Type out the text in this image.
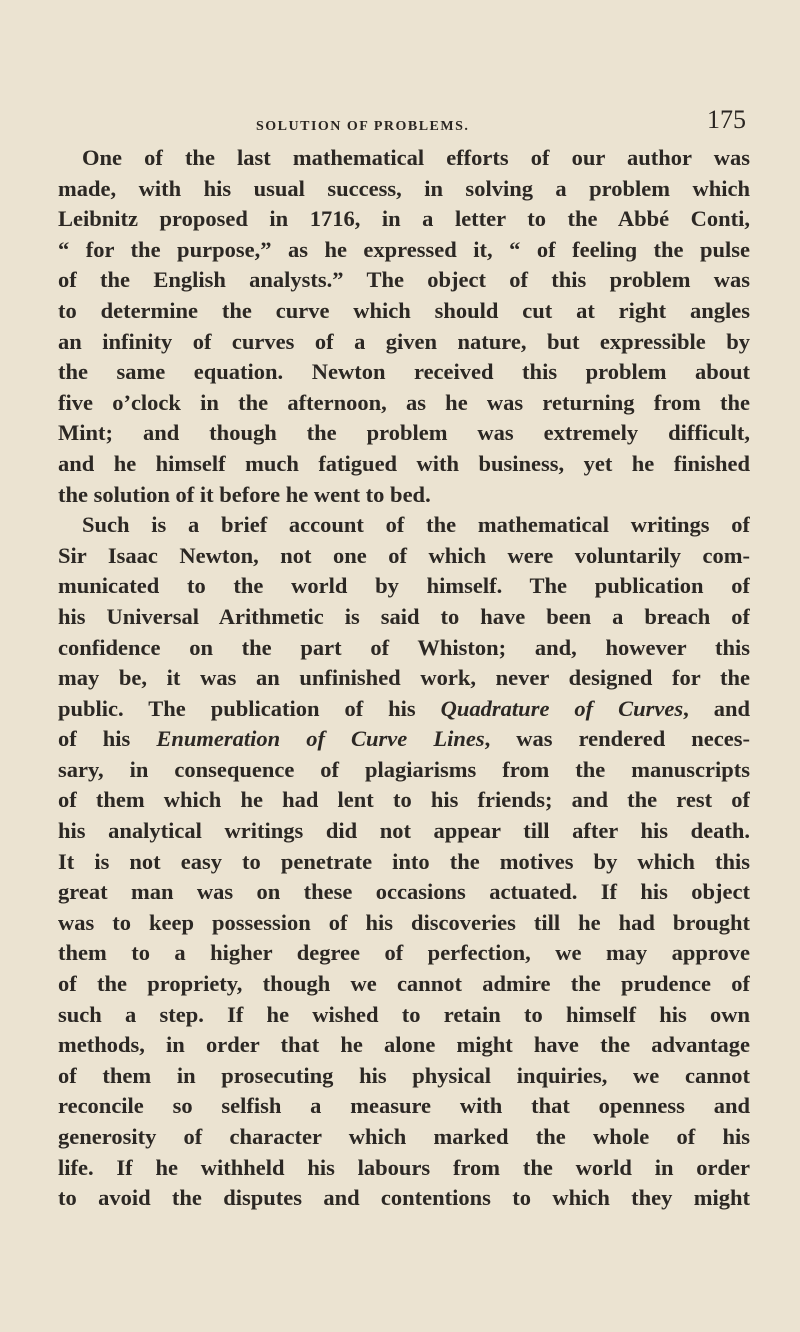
SOLUTION OF PROBLEMS.	175
One of the last mathematical efforts of our author was
made, with his usual success, in solving a problem which
Leibnitz proposed in 1716, in a letter to the Abbé Conti,
“ for the purpose,” as he expressed it, “ of feelinɡ the pulse
of the English analysts.” The object of this problem was
to determine the curve which should cut at right angles
an infinity of curves of a given nature, but expressible by
the same equation. Newton received this problem about
five o’clock in the afternoon, as he was returning from the
Mint; and though the problem was extremely difficult,
and he himself much fatigued with business, yet he finished
the solution of it before he went to bed.
Such is a brief account of the mathematical writings of
Sir Isaac Newton, not one of which were voluntarily com-
municated to the world by himself. The publication of
his Universal Arithmetic is said to have been a breach of
confidence on the part of Whiston; and, however this
may be, it was an unfinished work, never designed for the
public. The publication of his Quadrature of Curves, and
of his Enumeration of Curve Lines, was rendered neces-
sary, in consequence of plagiarisms from the manuscripts
of them which he had lent to his friends; and the rest of
his analytical writings did not appear till after his death.
It is not easy to penetrate into the motives by which this
great man was on these occasions actuated. If his object
was to keep possession of his discoveries till he had brought
them to a higher degree of perfection, we may approve
of the propriety, though we cannot admire the prudence of
such a step. If he wished to retain to himself his own
methods, in order that he alone might have the advantage
of them in prosecuting his physical inquiries, we cannot
reconcile so selfish a measure with that openness and
generosity of character which marked the whole of his
life. If he withheld his labours from the world in order
to avoid the disputes and contentions to which they might
